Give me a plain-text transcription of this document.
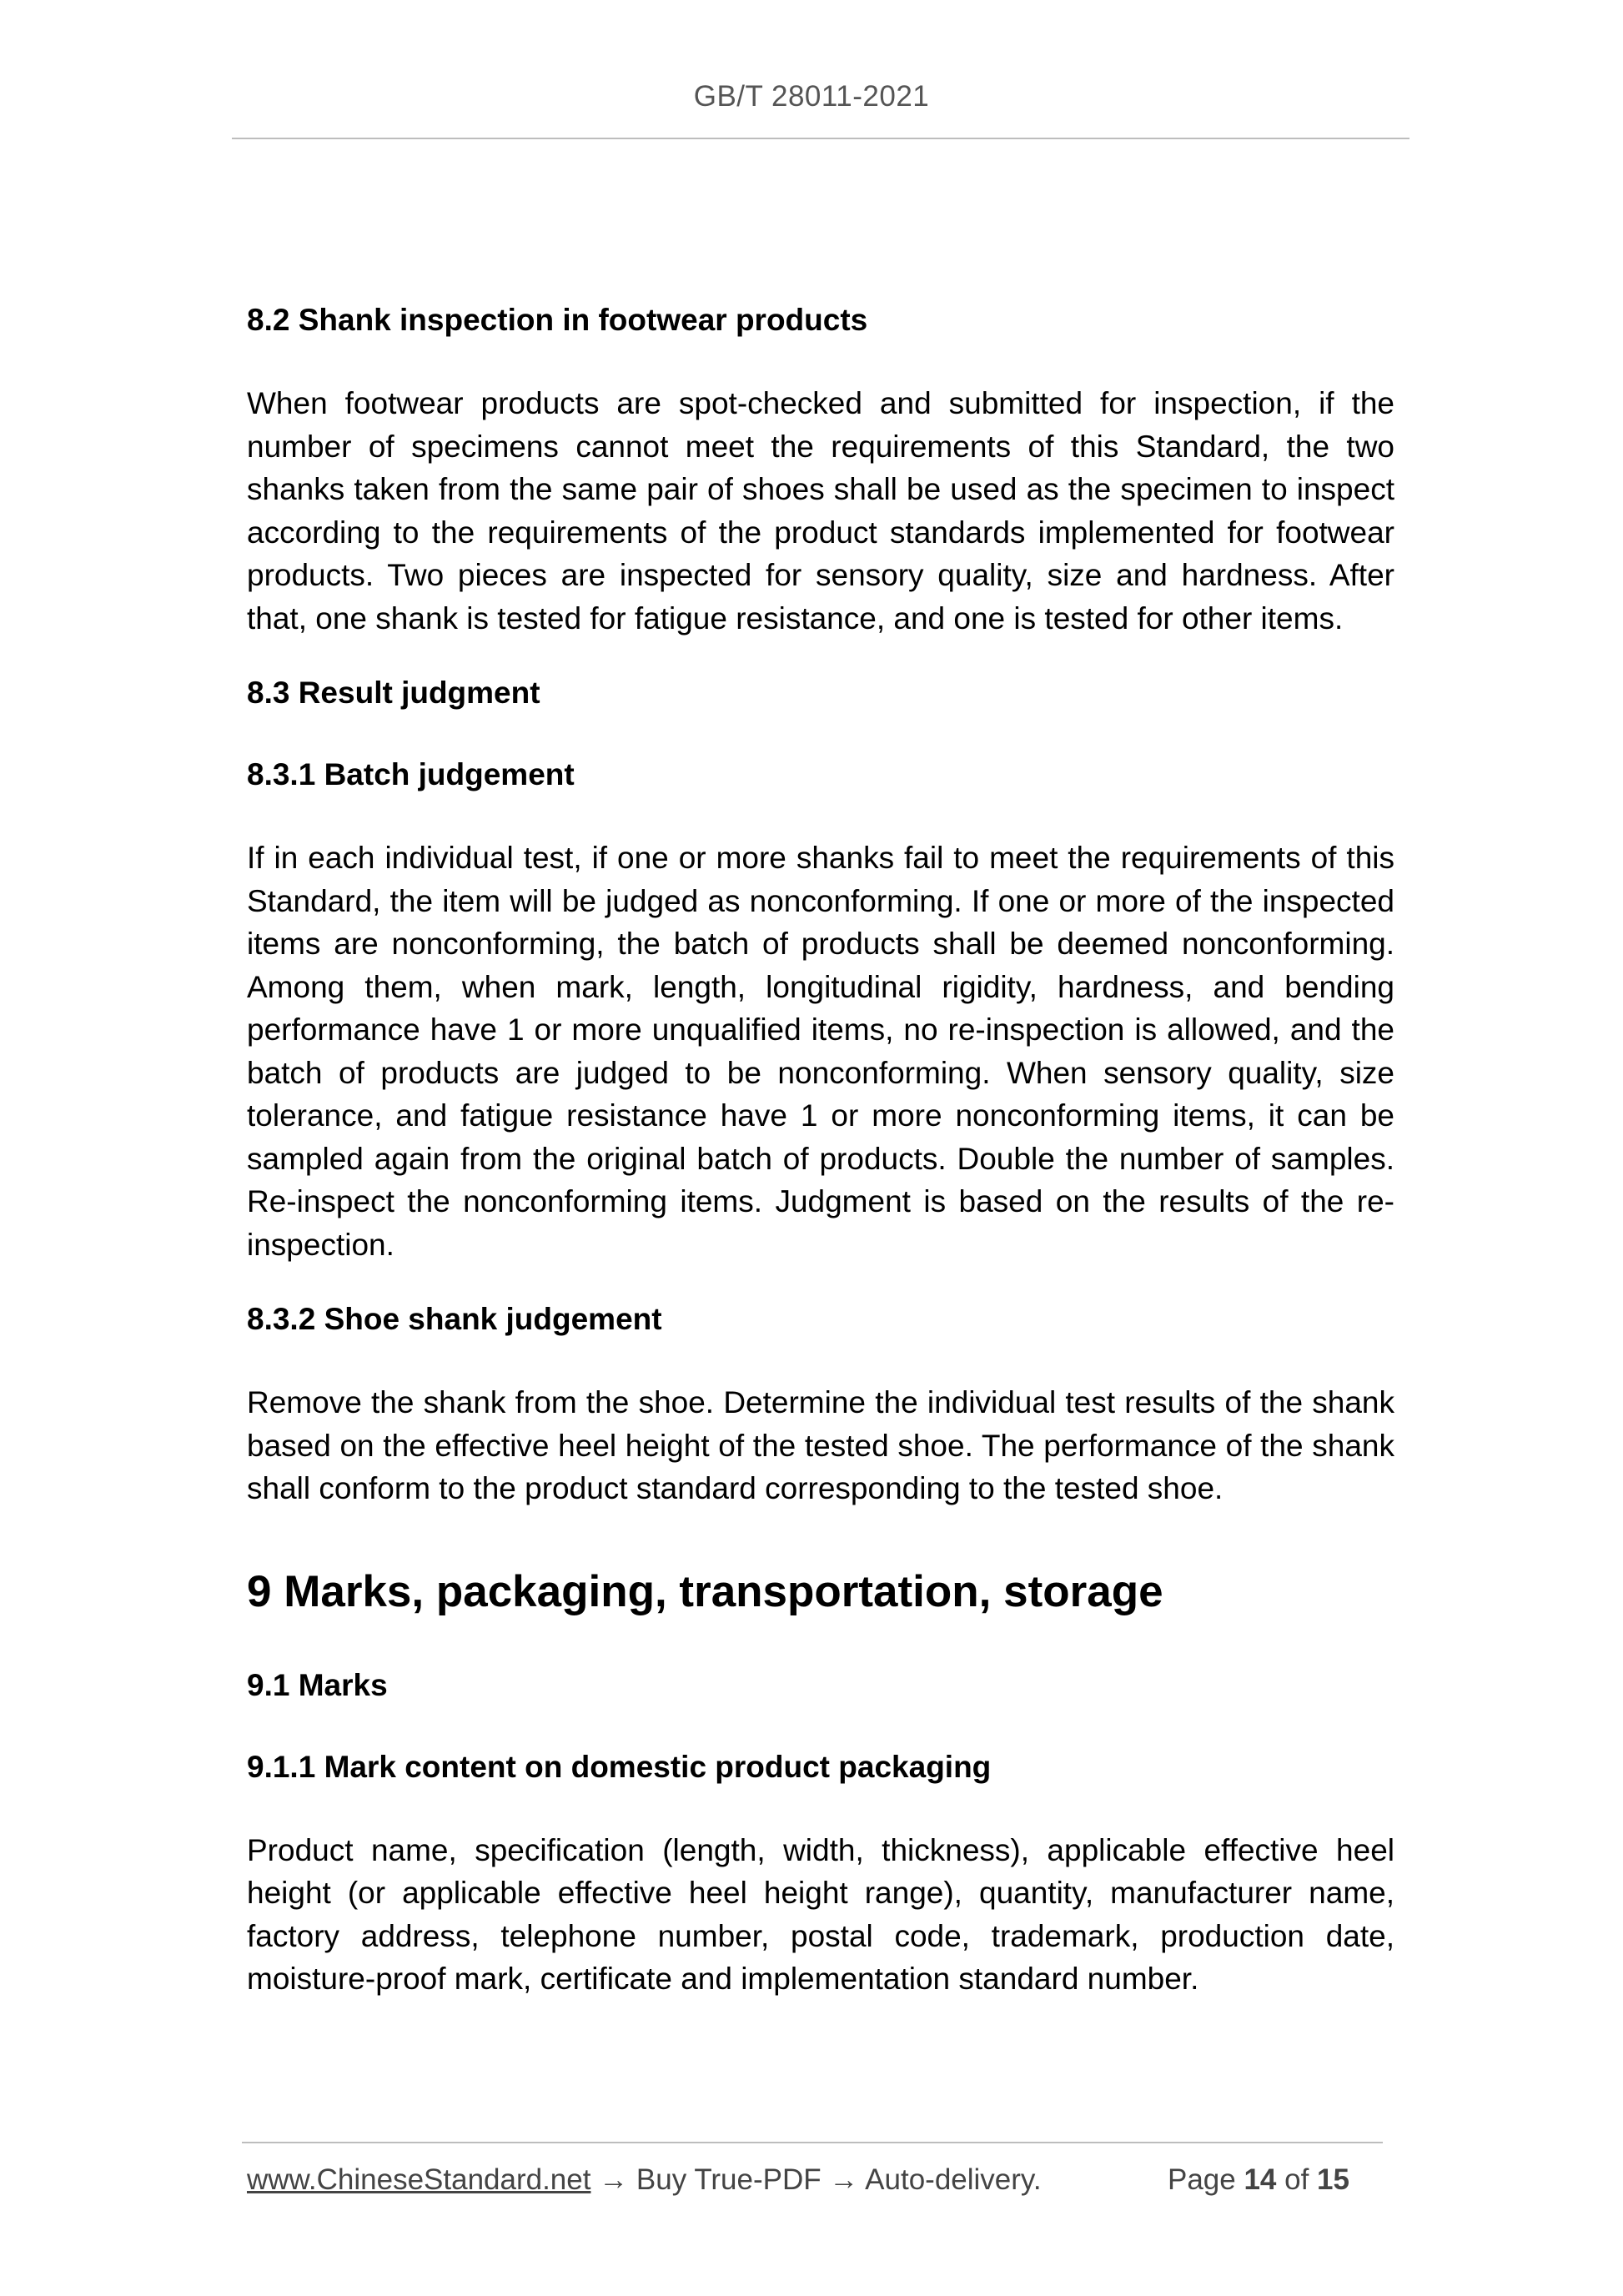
GB/T 28011-2021
8.2 Shank inspection in footwear products

When footwear products are spot-checked and submitted for inspection, if the number of specimens cannot meet the requirements of this Standard, the two shanks taken from the same pair of shoes shall be used as the specimen to inspect according to the requirements of the product standards implemented for footwear products. Two pieces are inspected for sensory quality, size and hardness. After that, one shank is tested for fatigue resistance, and one is tested for other items.

8.3 Result judgment
8.3.1 Batch judgement

If in each individual test, if one or more shanks fail to meet the requirements of this Standard, the item will be judged as nonconforming. If one or more of the inspected items are nonconforming, the batch of products shall be deemed nonconforming. Among them, when mark, length, longitudinal rigidity, hardness, and bending performance have 1 or more unqualified items, no re-inspection is allowed, and the batch of products are judged to be nonconforming. When sensory quality, size tolerance, and fatigue resistance have 1 or more nonconforming items, it can be sampled again from the original batch of products. Double the number of samples. Re-inspect the nonconforming items. Judgment is based on the results of the re-inspection.

8.3.2 Shoe shank judgement

Remove the shank from the shoe. Determine the individual test results of the shank based on the effective heel height of the tested shoe. The performance of the shank shall conform to the product standard corresponding to the tested shoe.

9 Marks, packaging, transportation, storage
9.1 Marks
9.1.1 Mark content on domestic product packaging

Product name, specification (length, width, thickness), applicable effective heel height (or applicable effective heel height range), quantity, manufacturer name, factory address, telephone number, postal code, trademark, production date, moisture-proof mark, certificate and implementation standard number.

www.ChineseStandard.net → Buy True-PDF → Auto-delivery.	Page 14 of 15
